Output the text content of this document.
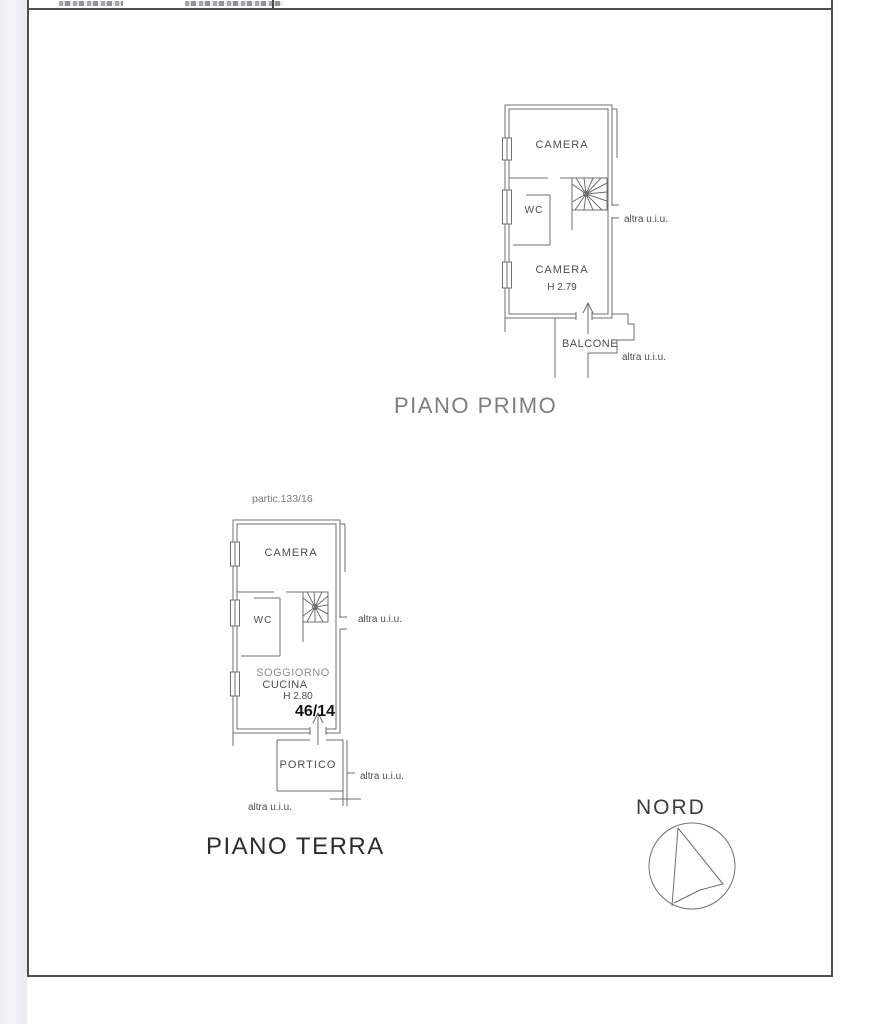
CAMERA
WC
altra u.i.u.
CAMERA
H 2.79
BALCONE
altra u.i.u.
PIANO PRIMO
partic.133/16
CAMERA
WC	altra u.i.u.
SOGGIORNO
CUCINA
H 2.80
46/14
PORTICO
altra u.i.u.
altra u.i.u.
PIANO TERRA
NORD
